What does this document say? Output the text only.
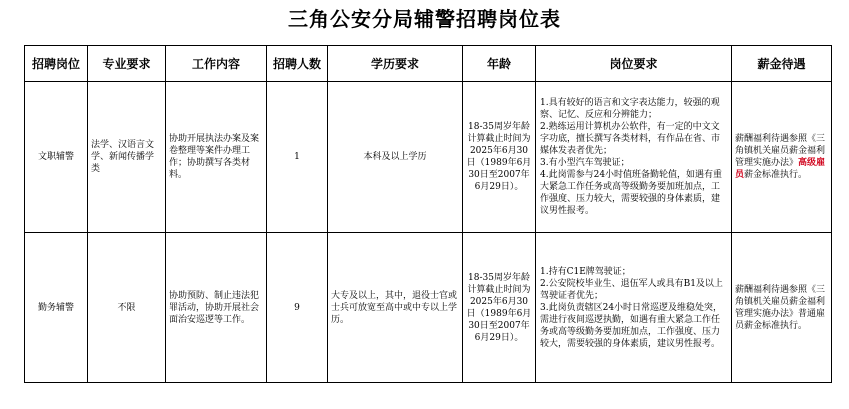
三角公安分局辅警招聘岗位表
招聘岗位	专业要求	工作内容	招聘人数	学历要求	年龄	岗位要求	薪金待遇
文职辅警	法学、汉语言文学、新闻传播学类	协助开展执法办案及案卷整理等案件办理工作；协助撰写各类材料。	1	本科及以上学历	18-35周岁年龄计算截止时间为2025年6月30日（1989年6月30日至2007年6月29日）。	1.具有较好的语言和文字表达能力，较强的观察、记忆、反应和分辨能力；
2.熟练运用计算机办公软件，有一定的中文文字功底，擅长撰写各类材料，有作品在省、市媒体发表者优先；
3.有小型汽车驾驶证；
4.此岗需参与24小时值班备勤轮值，如遇有重大紧急工作任务或高等级勤务要加班加点，工作强度、压力较大，需要较强的身体素质，建议男性报考。	薪酬福利待遇参照《三角镇机关雇员薪金福利管理实施办法》高级雇员薪金标准执行。
勤务辅警	不限	协助预防、制止违法犯罪活动，协助开展社会面治安巡逻等工作。	9	大专及以上，其中，退役士官或士兵可放宽至高中或中专以上学历。	18-35周岁年龄计算截止时间为2025年6月30日（1989年6月30日至2007年6月29日）。	1.持有C1E牌驾驶证；
2.公安院校毕业生、退伍军人或具有B1及以上驾驶证者优先；
3.此岗负责辖区24小时日常巡逻及维稳处突，需进行夜间巡逻执勤，如遇有重大紧急工作任务或高等级勤务要加班加点，工作强度、压力较大，需要较强的身体素质，建议男性报考。	薪酬福利待遇参照《三角镇机关雇员薪金福利管理实施办法》普通雇员薪金标准执行。
